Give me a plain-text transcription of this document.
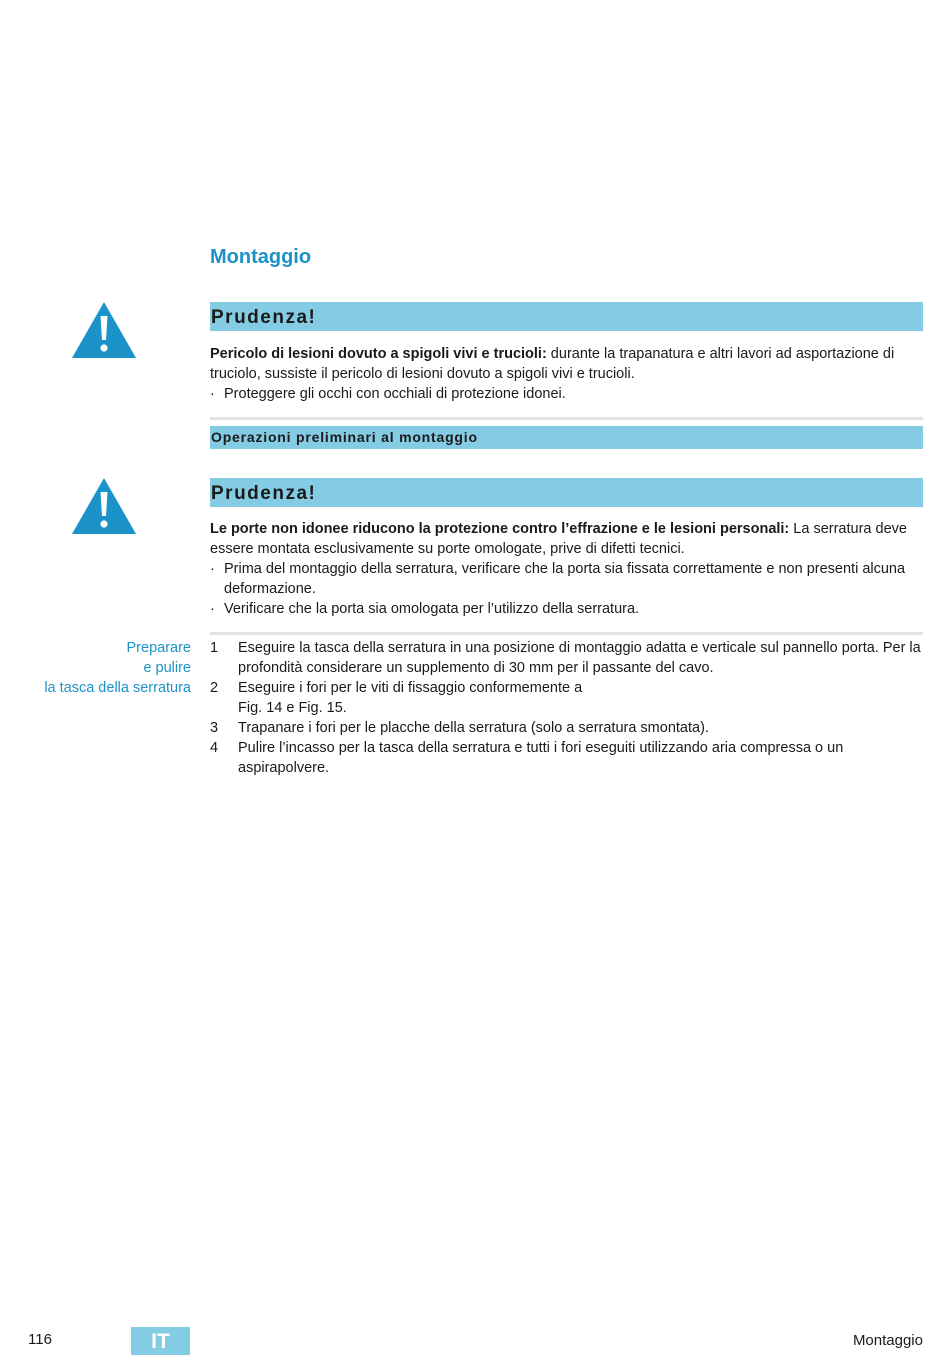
Montaggio
Prudenza!

Pericolo di lesioni dovuto a spigoli vivi e trucioli: durante la trapanatura e altri lavori ad asportazione di truciolo, sussiste il pericolo di lesioni dovuto a spigoli vivi e trucioli.

· Proteggere gli occhi con occhiali di protezione idonei.
Operazioni preliminari al montaggio
Prudenza!

Le porte non idonee riducono la protezione contro l’effrazione e le lesioni personali: La serratura deve essere montata esclusivamente su porte omologate, prive di difetti tecnici.

· Prima del montaggio della serratura, verificare che la porta sia fissata correttamente e non presenti alcuna deformazione.
· Verificare che la porta sia omologata per l’utilizzo della serratura.
Preparare
e pulire
la tasca della serratura
1 Eseguire la tasca della serratura in una posizione di montaggio adatta e verticale sul pannello porta. Per la profondità considerare un supplemento di 30 mm per il passante del cavo.
2 Eseguire i fori per le viti di fissaggio conformemente a
Fig. 14 e Fig. 15.
3 Trapanare i fori per le placche della serratura (solo a serratura smontata).
4 Pulire l’incasso per la tasca della serratura e tutti i fori eseguiti utilizzando aria compressa o un aspirapolvere.
116	IT	Montaggio
